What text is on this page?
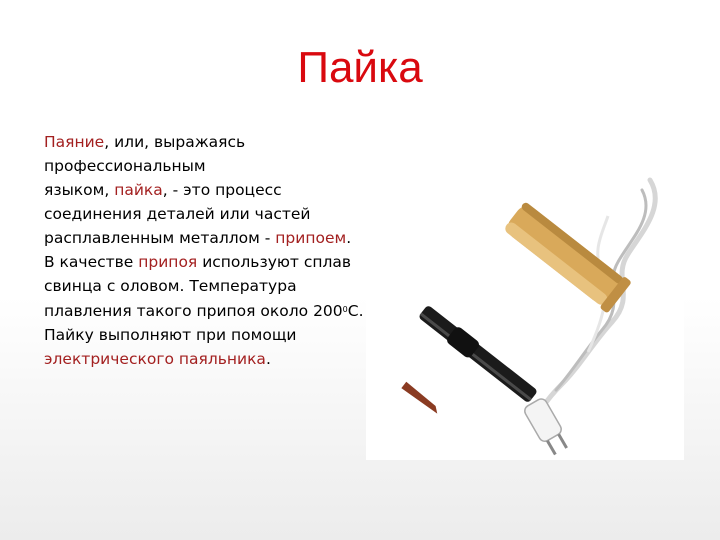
Пайка

Паяние, или, выражаясь

профессиональным

языком, пайка, - это процесс

соединения деталей или частей

расплавленным металлом - припоем.

В качестве припоя используют сплав

свинца с оловом. Температура

плавления такого припоя около $200^0С$.

Пайку выполняют при помощи

электрического паяльника.
